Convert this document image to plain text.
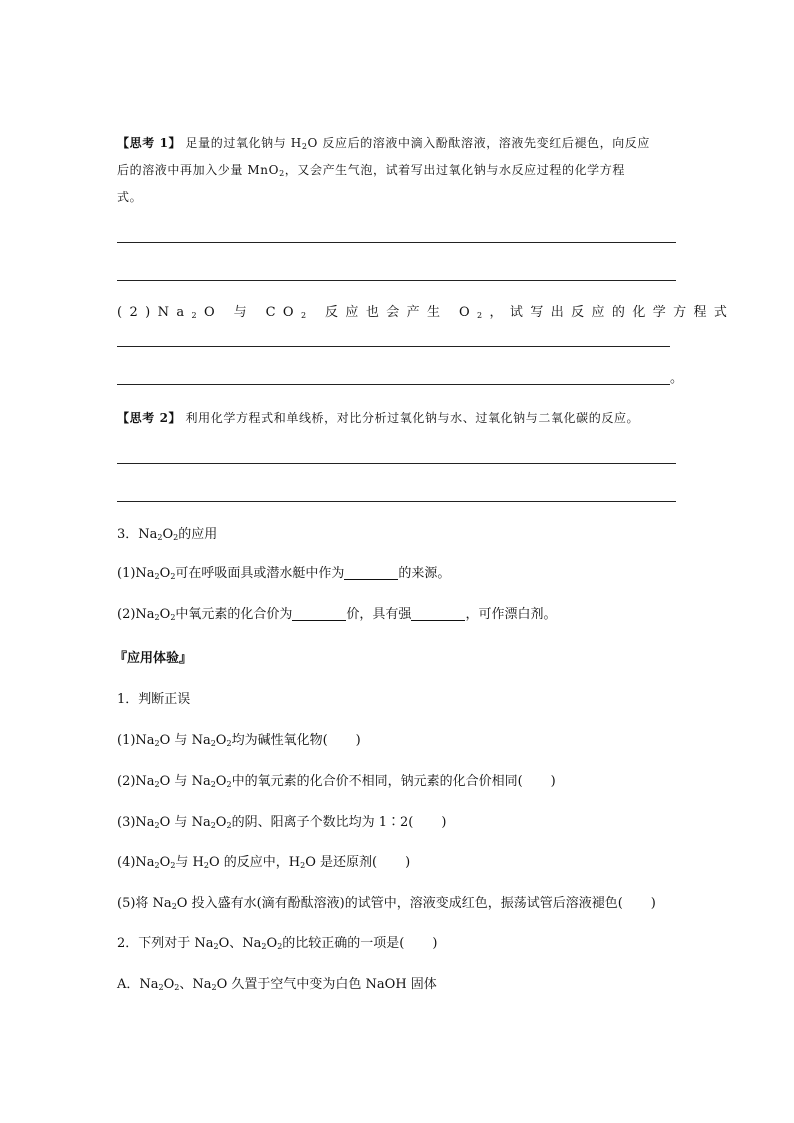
【思考 1】 足量的过氧化钠与 $H_2O$ 反应后的溶液中滴入酚酞溶液，溶液先变红后褪色，向反应
后的溶液中再加入少量 MnO$_2$，又会产生气泡，试着写出过氧化钠与水反应过程的化学方程
式。
$(2)Na_2O$ 与 $CO_2$ 反应也会产生 $O_2$，试写出反应的化学方程式
。
【思考 2】 利用化学方程式和单线桥，对比分析过氧化钠与水、过氧化钠与二氧化碳的反应。
3．$Na_2O_2$的应用
$(1)Na_2O_2$可在呼吸面具或潜水艇中作为	的来源。
$(2)Na_2O_2$中氧元素的化合价为	价，具有强	，可作漂白剂。
『应用体验』
1．判断正误
$(1)Na_2O$ 与 $Na_2O_2$均为碱性氧化物( )
$(2)Na_2O$ 与 $Na_2O_2$中的氧元素的化合价不相同，钠元素的化合价相同( )
$(3)Na_2O$ 与 $Na_2O_2$的阴、阳离子个数比均为 1∶2( )
$(4)Na_2O_2$与 $H_2O$ 的反应中，$H_2O$ 是还原剂( )
(5)将 $Na_2O$ 投入盛有水(滴有酚酞溶液)的试管中，溶液变成红色，振荡试管后溶液褪色( )
2．下列对于 $Na_2O$、$Na_2O_2$的比较正确的一项是( )
A．$Na_2O_2$、$Na_2O$ 久置于空气中变为白色 NaOH 固体
